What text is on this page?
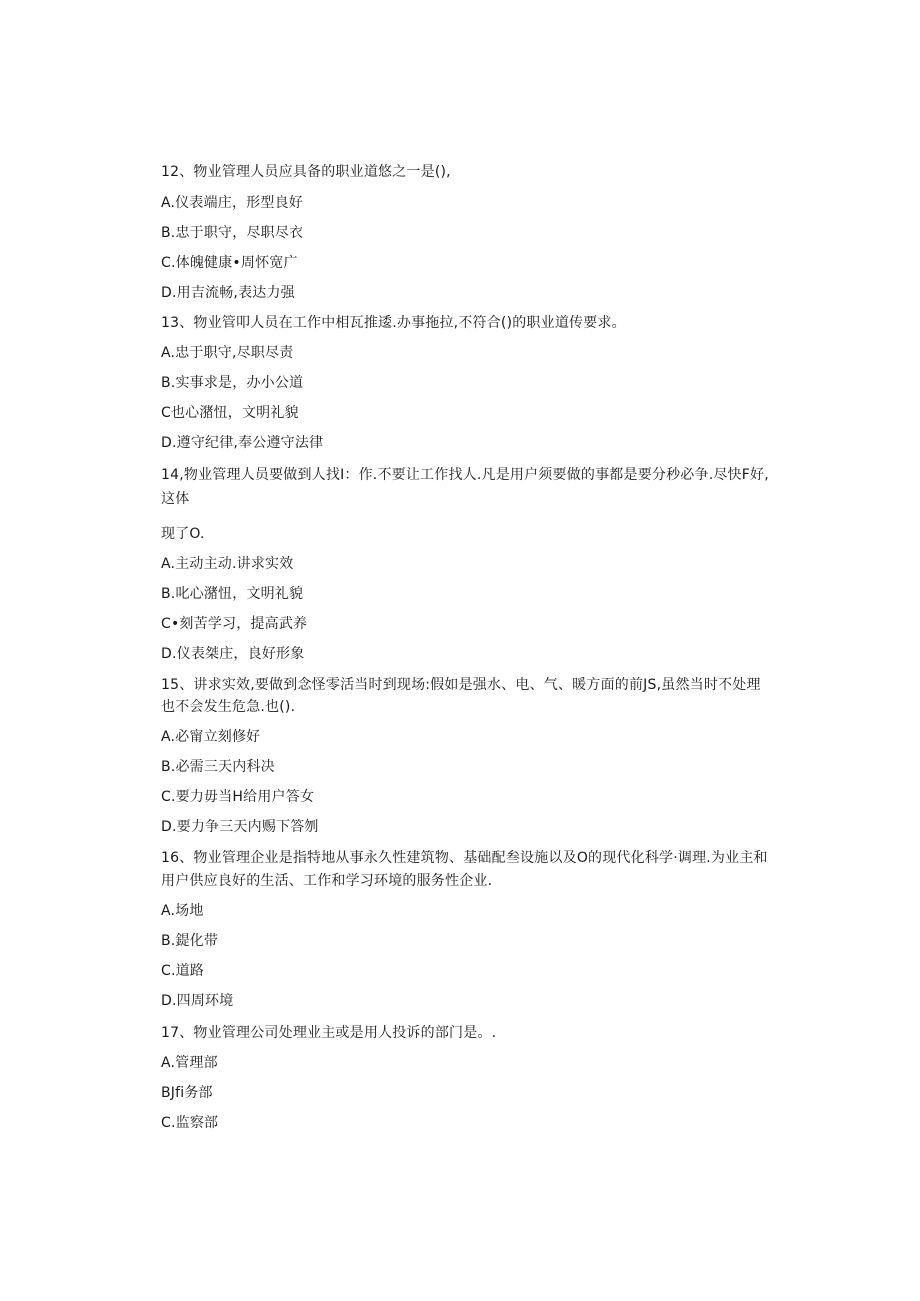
12、物业管理人员应具备的职业道悠之一是(),
A.仪表端庄，形型良好
B.忠于职守，尽职尽衣
C.体魄健康•周怀宽广
D.用吉流畅,表达力强
13、物业管叩人员在工作中相瓦推逶.办事拖拉,不符合()的职业道传要求。
A.忠于职守,尽职尽责
B.实事求是，办小公道
C也心潴忸，文明礼貌
D.遵守纪律,奉公遵守法律
14,物业管理人员要做到人找I：作.不要让工作找人.凡是用户须要做的事都是要分秒必争.尽快F好,
这体
现了O.
A.主动主动.讲求实效
B.叱心潴忸，文明礼貌
C•刻苦学习，提高武养
D.仪表桀庄，良好形象
15、讲求实效,要做到念怪零活当时到现场:假如是强水、电、气、暖方面的前JS,虽然当时不处理
也不会发生危急.也().
A.必甯立刻修好
B.必需三天内科决
C.要力毋当H给用户答女
D.要力争三天内赐下答刎
16、物业管理企业是指特地从事永久性建筑物、基础配叁设施以及O的现代化科学·调理.为业主和
用户供应良好的生活、工作和学习环境的服务性企业.
A.场地
B.鍉化带
C.道路
D.四周环境
17、物业管理公司处理业主或是用人投诉的部门是。.
A.管理部
BJfi务部
C.监察部
